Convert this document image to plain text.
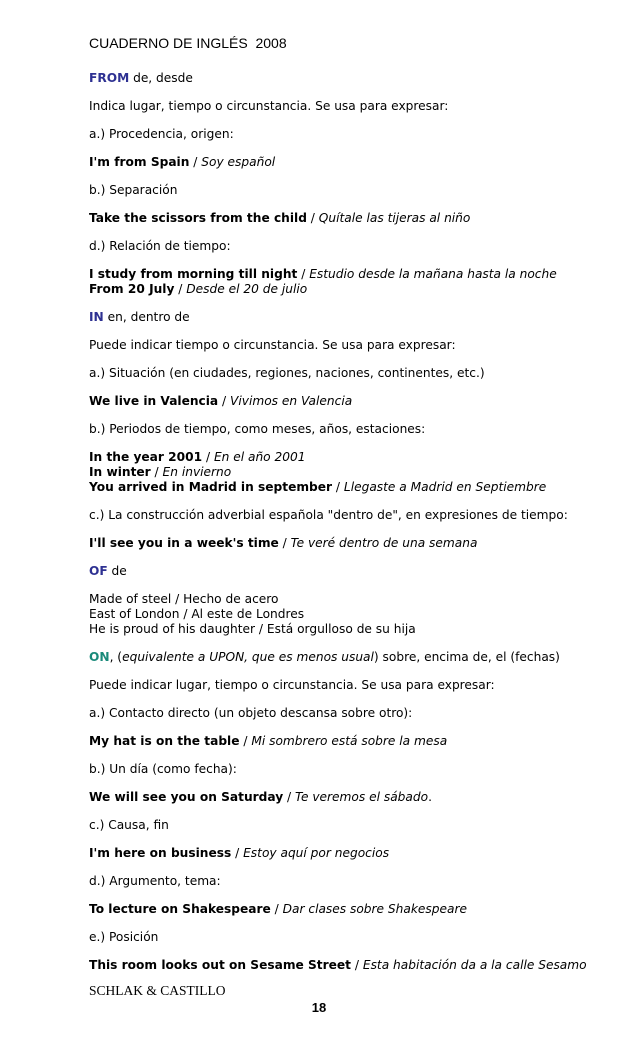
CUADERNO DE INGLÉS  2008
FROM de, desde
Indica lugar, tiempo o circunstancia. Se usa para expresar:
a.) Procedencia, origen:
I'm from Spain / Soy español
b.) Separación
Take the scissors from the child / Quítale las tijeras al niño
d.) Relación de tiempo:
I study from morning till night / Estudio desde la mañana hasta la noche
From 20 July / Desde el 20 de julio
IN en, dentro de
Puede indicar tiempo o circunstancia. Se usa para expresar:
a.) Situación (en ciudades, regiones, naciones, continentes, etc.)
We live in Valencia / Vivimos en Valencia
b.) Periodos de tiempo, como meses, años, estaciones:
In the year 2001 / En el año 2001
In winter / En invierno
You arrived in Madrid in september / Llegaste a Madrid en Septiembre
c.) La construcción adverbial española "dentro de", en expresiones de tiempo:
I'll see you in a week's time / Te veré dentro de una semana
OF de
Made of steel / Hecho de acero
East of London / Al este de Londres
He is proud of his daughter / Está orgulloso de su hija
ON, (equivalente a UPON, que es menos usual) sobre, encima de, el (fechas)
Puede indicar lugar, tiempo o circunstancia. Se usa para expresar:
a.) Contacto directo (un objeto descansa sobre otro):
My hat is on the table / Mi sombrero está sobre la mesa
b.) Un día (como fecha):
We will see you on Saturday / Te veremos el sábado.
c.) Causa, fin
I'm here on business / Estoy aquí por negocios
d.) Argumento, tema:
To lecture on Shakespeare / Dar clases sobre Shakespeare
e.) Posición
This room looks out on Sesame Street / Esta habitación da a la calle Sesamo
SCHLAK & CASTILLO
18
